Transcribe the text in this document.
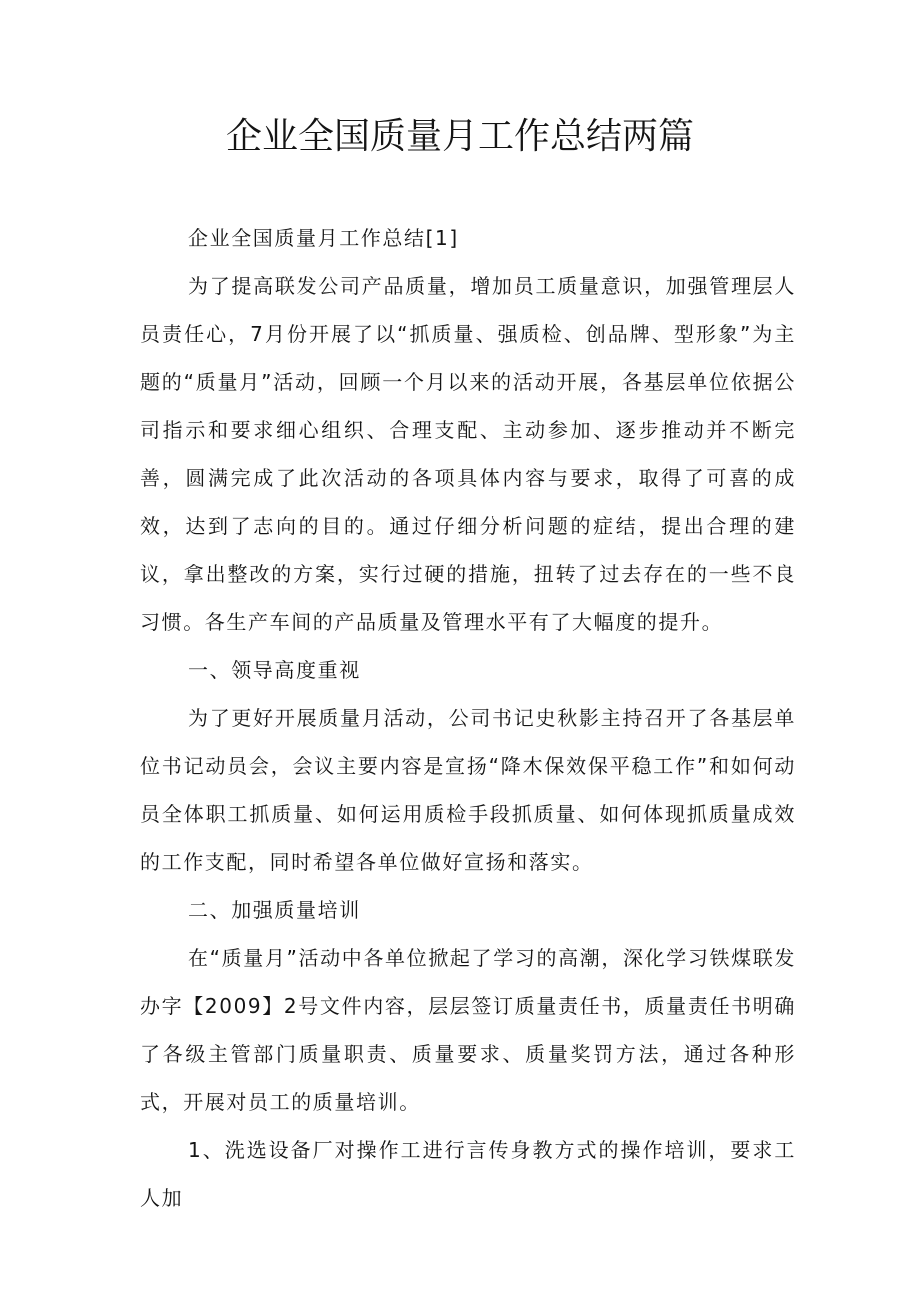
企业全国质量月工作总结两篇

企业全国质量月工作总结[1]

为了提高联发公司产品质量，增加员工质量意识，加强管理层人员责任心，7月份开展了以“抓质量、强质检、创品牌、型形象”为主题的“质量月”活动，回顾一个月以来的活动开展，各基层单位依据公司指示和要求细心组织、合理支配、主动参加、逐步推动并不断完善，圆满完成了此次活动的各项具体内容与要求，取得了可喜的成效，达到了志向的目的。通过仔细分析问题的症结，提出合理的建议，拿出整改的方案，实行过硬的措施，扭转了过去存在的一些不良习惯。各生产车间的产品质量及管理水平有了大幅度的提升。

一、领导高度重视

为了更好开展质量月活动，公司书记史秋影主持召开了各基层单位书记动员会，会议主要内容是宣扬“降木保效保平稳工作”和如何动员全体职工抓质量、如何运用质检手段抓质量、如何体现抓质量成效的工作支配，同时希望各单位做好宣扬和落实。

二、加强质量培训

在“质量月”活动中各单位掀起了学习的高潮，深化学习铁煤联发办字【2009】2号文件内容，层层签订质量责任书，质量责任书明确了各级主管部门质量职责、质量要求、质量奖罚方法，通过各种形式，开展对员工的质量培训。

1、洗选设备厂对操作工进行言传身教方式的操作培训，要求工人加
